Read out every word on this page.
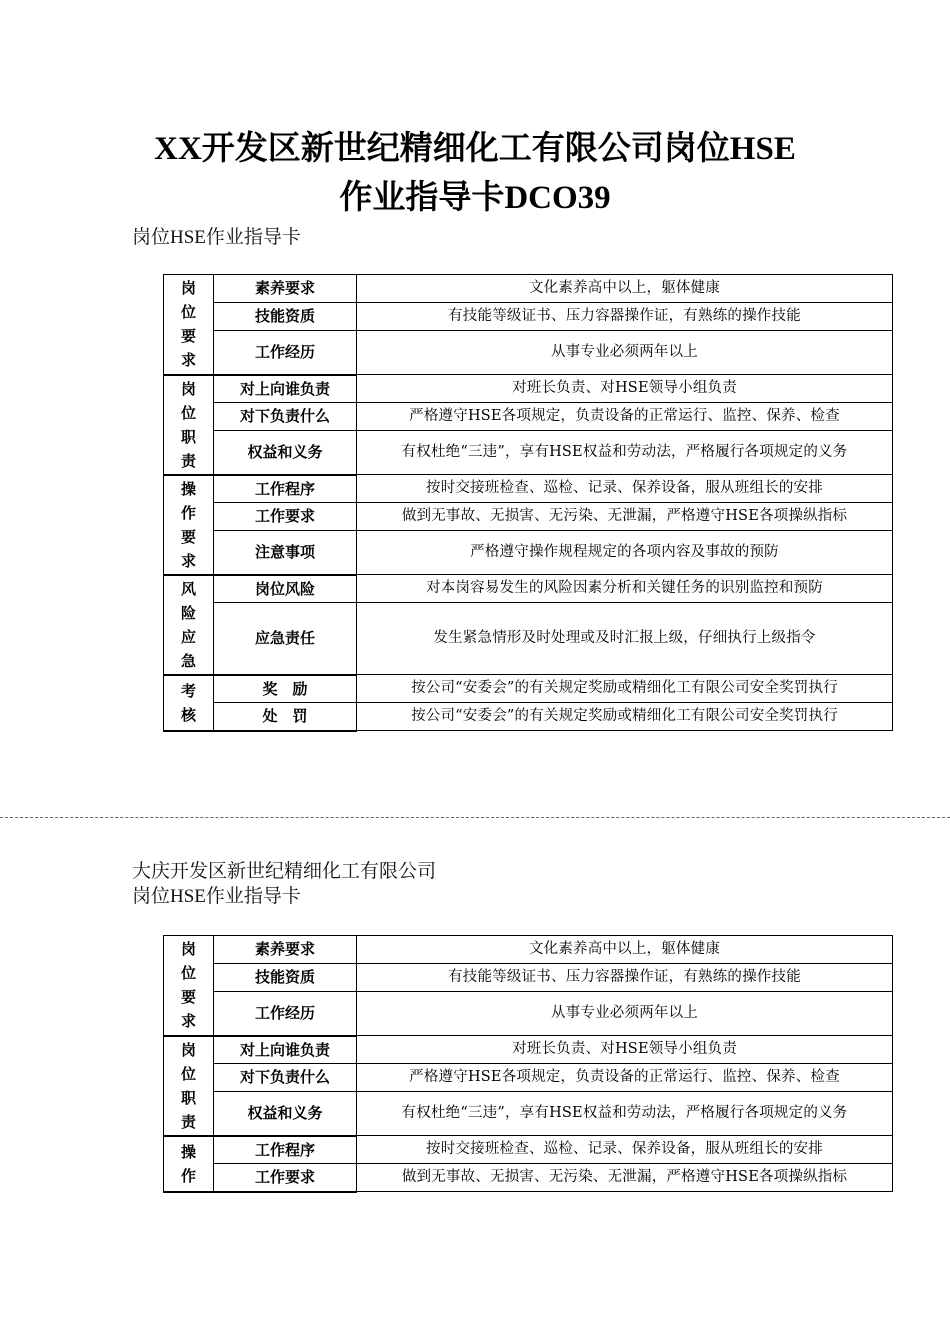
XX开发区新世纪精细化工有限公司岗位HSE
作业指导卡DCO39
岗位HSE作业指导卡
岗
位
要
求	素养要求	文化素养高中以上，躯体健康
	技能资质	有技能等级证书、压力容器操作证，有熟练的操作技能
	工作经历	从事专业必须两年以上

岗
位
职
责	对上向谁负责	对班长负责、对HSE领导小组负责
	对下负责什么	严格遵守HSE各项规定，负责设备的正常运行、监控、保养、检查
	权益和义务	有权杜绝“三违”，享有HSE权益和劳动法，严格履行各项规定的义务

操
作
要
求	工作程序	按时交接班检查、巡检、记录、保养设备，服从班组长的安排
	工作要求	做到无事故、无损害、无污染、无泄漏，严格遵守HSE各项操纵指标
	注意事项	严格遵守操作规程规定的各项内容及事故的预防

风
险
应
急	岗位风险	对本岗容易发生的风险因素分析和关键任务的识别监控和预防
	应急责任	发生紧急情形及时处理或及时汇报上级，仔细执行上级指令

考
核	奖　励	按公司“安委会”的有关规定奖励或精细化工有限公司安全奖罚执行
	处　罚	按公司“安委会”的有关规定奖励或精细化工有限公司安全奖罚执行
大庆开发区新世纪精细化工有限公司
岗位HSE作业指导卡
岗
位
要
求	素养要求	文化素养高中以上，躯体健康
	技能资质	有技能等级证书、压力容器操作证，有熟练的操作技能
	工作经历	从事专业必须两年以上

岗
位
职
责	对上向谁负责	对班长负责、对HSE领导小组负责
	对下负责什么	严格遵守HSE各项规定，负责设备的正常运行、监控、保养、检查
	权益和义务	有权杜绝“三违”，享有HSE权益和劳动法，严格履行各项规定的义务

操
作	工作程序	按时交接班检查、巡检、记录、保养设备，服从班组长的安排
	工作要求	做到无事故、无损害、无污染、无泄漏，严格遵守HSE各项操纵指标
